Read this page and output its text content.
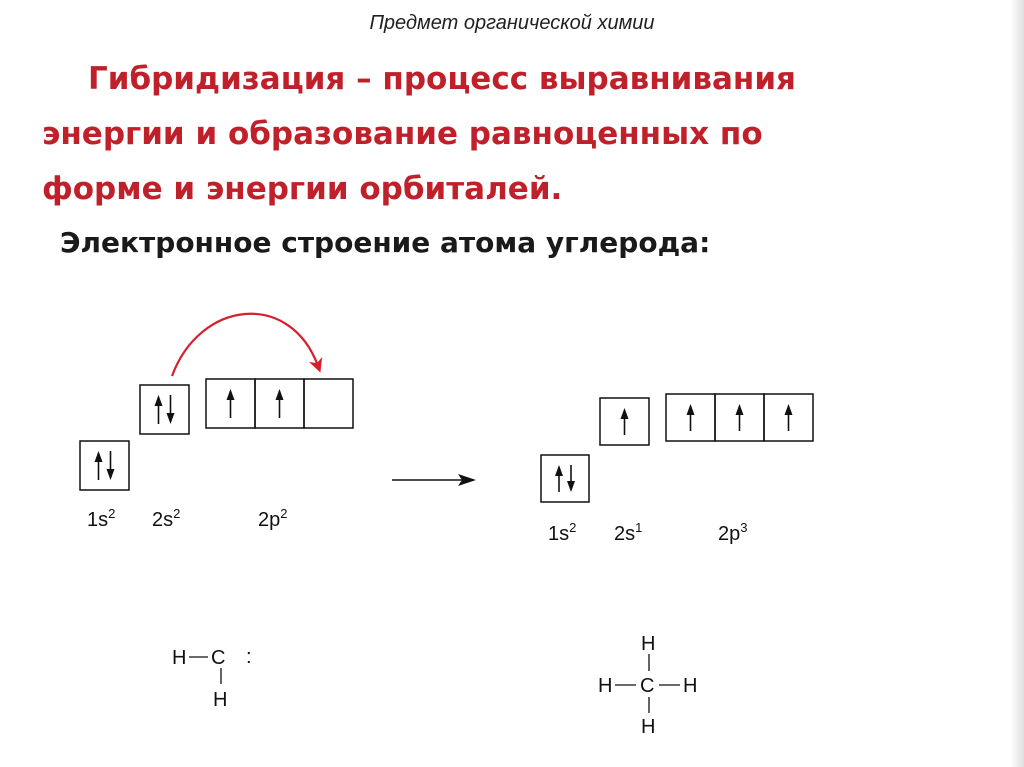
Предмет органической химии
Гибридизация – процесс выравнивания
энергии и образование равноценных по
форме и энергии орбиталей.
Электронное строение атома углерода:
$1s^2$ $2s^2$	$2p^2$
$1s^2$ $2s^1$	$2p^3$
H C :
H
H
H C H
H
